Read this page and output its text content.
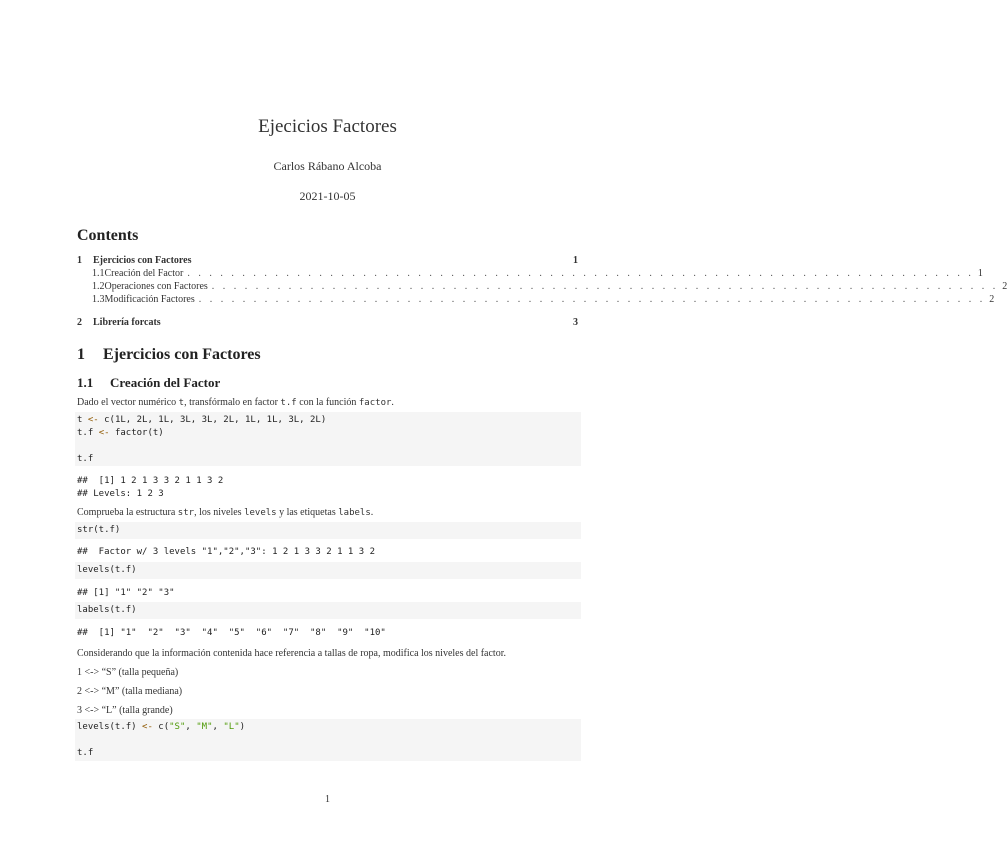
Ejecicios Factores
Carlos Rábano Alcoba
2021-10-05
Contents
1	Ejercicios con Factores	1
1.1 Creación del Factor . . . . . . . . . . . . . . . . . . . . . . . . . . . . . . . . . . . . . . . . . . . . . . . . . . . . . . . . . . . . . . . . . . . . . . . . 1
1.2 Operaciones con Factores . . . . . . . . . . . . . . . . . . . . . . . . . . . . . . . . . . . . . . . . . . . . . . . . . . . . . . . . . . . . . . . . . . . . . . . . 2
1.3 Modificación Factores . . . . . . . . . . . . . . . . . . . . . . . . . . . . . . . . . . . . . . . . . . . . . . . . . . . . . . . . . . . . . . . . . . . . . . . . 2
2	Librería forcats	3
1 Ejercicios con Factores
1.1 Creación del Factor
Dado el vector numérico t, transfórmalo en factor t.f con la función factor.
t <- c(1L, 2L, 1L, 3L, 3L, 2L, 1L, 1L, 3L, 2L)
t.f <- factor(t)
t.f
##  [1] 1 2 1 3 3 2 1 1 3 2
## Levels: 1 2 3
Comprueba la estructura str, los niveles levels y las etiquetas labels.
str(t.f)
##  Factor w/ 3 levels "1","2","3": 1 2 1 3 3 2 1 1 3 2
levels(t.f)
## [1] "1" "2" "3"
labels(t.f)
##  [1] "1"  "2"  "3"  "4"  "5"  "6"  "7"  "8"  "9"  "10"
Considerando que la información contenida hace referencia a tallas de ropa, modifica los niveles del factor.
1 <-> “S” (talla pequeña)
2 <-> “M” (talla mediana)
3 <-> “L” (talla grande)
levels(t.f) <- c("S", "M", "L")
t.f
1
